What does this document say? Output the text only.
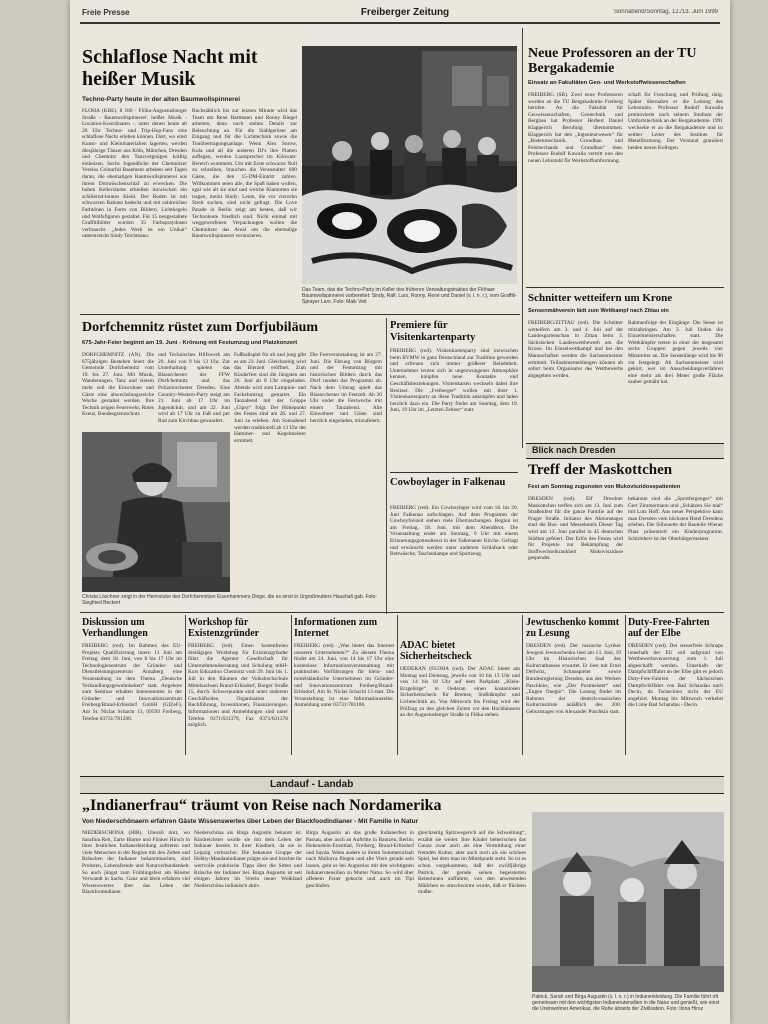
Freie Presse	Freiberger Zeitung	Sonnabend/Sonntag, 12./13. Juni 1999
Schlaflose Nacht mit heißer Musik
Techno-Party heute in der alten Baumwollspinnerei
FLÖHA (KBE). 8 180 - Flöha-Augustusburger Straße - Baumwollspinnerei: heißer Musik - Location-Koordinaten -, unter denen heute ab 20 Uhr Techno- und Trip-Hop-Fans eine schlaflose Nacht erleben können. Dort, wo einst Kunst- und Kleinmaterialien lagerten, werden diesjährige Tänzer aus Köln, München, Dresden und Chemnitz den Tanzvergnügen kräftig einheizen. Sechs Jugendliche der Chemnitzer Vereins Colourful Basement arbeiten seit Tagen daran, die ehemaligen Baumwollspinnerei aus ihrem Dornröschenschlaf zu erwecken. Die hohen Kellerräume erhielten inzwischen ein schillernd-buntes Kleid. Der Boden ist mit schwarzen Bahnen bedeckt und mit zahlreichen Farbtönen in Form von Bildern, Lichtkegeln und Wolfsfiguren gestaltet. Für 15 neugestaltete Graffitibilder wurden 35 Farbspraydosen verbraucht. „Jedes Werk ist ein Unikat“ unterstreicht Sindy Teichmann.
Buchstäblich bis zur letzten Minute wird das Team um René Hartmann und Ronny Riegel arbeiten, denn noch stehen Details zur Beleuchtung an. Für die Stahlgerüste am Eingang und für die Lichttechnik sowie die Tonübertragungsanlage. Wenn Alex Sorow, Kola und all die anderen DJ's ihre Platten auflegen, werden Lautsprecher im Kilowatt-Bereich wummern. Um mit Erste schwarze Null zu schreiben, brauchen die Veranstalter 600 Gäste, die den 15-DM-Eintritt zahlen. Willkommen seien alle, die Spaß haben wollen, egal wie alt sie sind und welche Klamotten sie tragen, meint Sindy: Leute, die vor vierzehn Streit suchen, sind nicht gefragt. Die Love Parade in Berlin zeigt am besten, daß wir Technoleute friedlich sind. Nicht einmal mit weggeworfenen Verpackungen wollen die Chemnitzer das Areal um die ehemalige Baumwollspinnerei verunzieren.
Das Team, das die Techno-Party im Keller des früheren Verwaltungstraktes der Flöhaer Baumwollspinnerei vorbereitet: Sindy, Ralf, Lars, Ronny, René und Daniel (v. l. n. r.), vom Graffiti-Sprayer Lars. Foto: Maik Veit
Neue Professoren an der TU Bergakademie
Einsatz an Fakultäten Geo- und Werkstoffwissenschaften
FREIBERG (SR). Zwei neue Professoren wurden an die TU Bergakademie Freiberg berufen. An die Fakultät für Geowissenschaften, Geotechnik und Bergbau hat Professor Herbert Daniel Klapperich Berufung übernommen. Klapperich hat den „Ingenieurwesen“ für „Bodenmechanik, Grundbau und Felsmechanik und Grundbau“ inne. Professor Rudolf Kawalla vertritt nun den neuen Lehrstuhl für Werkstoffumformung.
schaft für Forschung und Prüfung tätig. Später übernahm er die Leitung des Lehrstuhls. Professor Rudolf Kawalla promovierte nach seinem Studium der Umformtechnik an der Bergakademie. 1991 wechselte er an die Bergakademie und ist seither Leiter des Instituts für Metallformung. Der Vorstand gratuliert beiden neuen Kollegen.
Schnitter wetteifern um Krone
Sensenmähverein lädt zum Wettkampf nach Zittau ein
FREIBERG/ZITTAU (red). Die Schnitter wetteifern am 3. und 4. Juli auf der Landesgartenschau in Zittau beim 3. Sächsischen Landeswettbewerb um die Krone. Im Einzelwettkampf und bei den Mannschaften werden die Sachsenmeister ermittelt. Teilnahmemeldungen können ab sofort beim Organisator des Wettbewerbs abgegeben werden.
Rahmenfolge der Eingänge: Die Sense ist mitzubringen. Am 3. Juli finden die Einzelmeisterschaften statt. Die Wettkämpfer treten in einer der insgesamt sechs Gruppen gegen jeweils vier Mitstreiter an. Die Sensenlänge wird bis 90 cm festgelegt. Ab Sachsenmeister wird gekürt, wer im Ausscheidungsverfahren eine mehr als drei Meter große Fläche sauber gemäht hat.
Dorfchemnitz rüstet zum Dorfjubiläum
675-Jahr-Feier beginnt am 19. Juni - Krönung mit Festumzug und Platzkonzert
DORFCHEMNITZ (AN). Die 675jährigen Bestehen feiert die Gemeinde Dorfchemnitz vom 19. bis 27. Juni. Mit Musik, Wanderungen, Tanz und vielem mehr soll die Einwohner und Gäste eine abwechslungsreiche Woche gestaltet werden. Ihre Technik zeigen Feuerwehr, Rotes Kreuz, Bundesgrenzschutz
und Technisches Hilfswerk am 20. Juni von 9 bis 13 Uhr. Zur Unterhaltung spielen das Blasorchester der FFW Dorfchemnitz und das Polizeiorchester Dresden. Eine Country-Western-Party steigt am 21. Juni ab 17 Uhr im Jugendclub, und am 22. Juni wird ab 17 Uhr zu Fuß und per Rad zum Kirchbau gewandert.
Fußballspiel für alt und jung gibt es am 23. Juni. Gleichzeitig wird das Bierzelt eröffnet. Zum Kinderfest sind die Jüngsten am 26. Juni ab 8 Uhr eingeladen. Abends wird zum Lampion- und Fackelumzug gestartet. Ein Tanzabend mit der Gruppe „Gipsy“ folgt. Der Höhepunkt des Festes sind am 26. und 27. Juni zu erleben. Am Sonnabend werden traditionell ab 13 Uhr der Hammer- und Kegelmeister ermittelt.
Die Festveranstaltung ist am 27. Juni. Die Ehrung von Bürgern und der Festumzug mit historischen Bildern durch das Dorf runden das Programm ab. Nach dem Umzug spielt das Blasorchester im Festzelt. Ab 20 Uhr endet die Festwoche mit einem Tanzabend. Alle Einwohner und Gäste sind herzlich eingeladen, mitzufeiern.
Christa Löschner zeigt in der Heimstube des Dorfchemnitzer Eisenhammers Dinge, die es einst in Urgroßmutters Haushalt gab. Foto: Siegfried Beckert
Premiere für Visitenkartenparty
FREIBERG (red). Visitenkartenparty sind inzwischen beim BVMW in ganz Deutschland zur Tradition geworden und erfreuen sich immer größerer Beliebtheit. Unternehmer lernen sich in ungezwungener Atmosphäre kennen, knüpfen neue Kontakte und Geschäftsbeziehungen. Visitenkarten wechseln dabei ihre Besitzer. Die „Freiberger“ wollen mit ihrer 1. Visitenkartenparty an diese Tradition anknüpfen und laden herzlich dazu ein. Die Party findet am Sonntag, dem 19. Juni, 19 Uhr im „Letzten Zehner“ statt.
Cowboylager in Falkenau
FREIBERG (red). Ein Cowboylager wird vom 18. bis 20. Juni Falkenau aufschlagen. Auf dem Programm der Cowboyfreizeit stehen viele Überraschungen. Beginn ist am Freitag, 18. Juni, mit dem Abendbrot. Die Veranstaltung endet am Sonntag, 9 Uhr mit einem Erinnerungsgottesdienst in der Falkenauer Kirche. Gefragt und erwünscht werden unter anderem Schlafsack oder Bettwäsche, Taschenlampe und Sportzeug.
Blick nach Dresden
Treff der Maskottchen
Fest am Sonntag zugunsten von Mukoviszidosepatienten
DRESDEN (red). Elf Dresdner Maskottchen treffen sich am 13. Juni zum Straßenfest für die ganze Familie auf der Prager Straße. Initiator des Aktionstages sind die Bus- und Messehotels Dieser Tag wird am 13. Juni parallel in 45 deutschen Städten gefeiert. Der Erlös des Festes wird für Projekte zur Bekämpfung der Stoffwechselkrankheit Mukoviszidose gespendet.
bekannte sind die „Sportfergenger“ mit Gert Zimmermann und „Schätzen Sie mal“ mit Lutz Hoff. Aus neuer Perspektive kann man Dresden vom höchsten Hotel Dresdens erleben. Die Silhouette der Bauteile Wiener Platz präsentiert ein Kinderprogramm. Schirmherr ist der Oberbürgermeister.
Diskussion um Verhandlungen
FREIBERG (red). Im Rahmen des EU-Projekts Qualifizierung intern 11 Juni am Freitag, dem 18. Juni, von 8 bis 17 Uhr im Technologiezentrum der Gründer- und Dienstleistungszentrum Annaberg eine Veranstaltung zu dem Thema „Deutsche Verhandlungsgewohnheiten“ statt. Angebote zum Seminar erhalten Interessenten in der Gründer- und Innovationszentrum Freiberg/Brand-Erbisdorf GmbH (GIZeF), Am St. Niclas Schacht 13, 09599 Freiberg, Telefon 03731/781200.
Workshop für Existenzgründer
FREIBERG (red). Einen kostenfreien dreitägigen Workshop für Existenzgründer führt die Agentur Gesellschaft für Unternehmensberatung und Schulung mbH-Kurs Education Chemnitz vom 29. Juni bis 1. Juli in den Räumen der Volkshochschule Mittelsachsen Brand-Erbisdorf, Burger Straße 15, durch. Schwerpunkte sind unter anderem Geschäftsidee, Organisation der Buchführung, Investitionen, Finanzierungen. Informationen und Anmeldungen sind unter Telefon 0371/631379, Fax 0371/631378 möglich.
Informationen zum Internet
FREIBERG (red). „Was bietet das Internet unserem Unternehmen?“ Zu diesem Thema findet am 24. Juni, von 14 bis 17 Uhr eine kostenlose Informationsveranstaltung mit praktischen Vorführungen für klein- und mittelständische Unternehmen im Gründer- und Innovationszentrum Freiberg/Brand-Erbisdorf, Am St. Niclas Schacht 13 statt. Die Veranstaltung ist eine Informationsreihe. Anmeldung unter 03731/781106.
ADAC bietet Sicherheitscheck
OEDERAN (FLÖHA (red). Der ADAC bietet am Montag und Dienstag, jeweils von 10 bis 13 Uhr und von 14 bis 18 Uhr auf dem Parkplatz „Klein-Erzgebirge“ in Oederan einen kostenlosen Sicherheitscheck für Bremse, Stoßdämpfer und Lichttechnik an. Von Mittwoch bis Freitag wird der Prüfzug zu den gleichen Zeiten vor den Hochhäusern an der Augustusburger Straße in Flöha stehen.
Jewtuschenko kommt zu Lesung
DRESDEN (red). Der russische Lyriker Jewgeni Jewtuschenko liest am 13. Juni, 19 Uhr im Historischen Saal des Kulturrathauses erwartet. Er liest mit Ernst Dellwitz, Schauspieler sowie Bundesregierung Dresden, aus den Werken Paschkins, wie „Der Postmeister“ und „Eugen Onegin“. Die Lesung findet im Rahmen der deutsch-russischen Kulturinstitute anläßlich des 200. Geburtstages von Alexander Puschkin statt.
Duty-Free-Fahrten auf der Elbe
DRESDEN (red). Der steuerfreie Schnaps innerhalb der EU soll aufgrund von Wettbewerbsverzerrung zum 1. Juli abgeschafft werden. Unterhalb der Dampfschifffahrt an der Elbe gibt es jedoch Duty-Free-Fahrten der Sächsischen Dampfschiffahrt von Bad Schandau nach Decin, da Tschechien nicht der EU angehört. Montag bis Mittwoch verkehrt die Linie Bad Schandau - Decin.
Landauf - Landab
„Indianerfrau“ träumt von Reise nach Nordamerika
Von Niederschönaern erfahren Gäste Wissenswertes über Leben der Blackfoodindianer - Mit Familie in Natur
NIEDERSCHÖNA (HIR). Überall dort, wo Sarafina Reh, Zarte Blume und Flinker Hirsch in ihrer festlichen Indianerkleidung auftreten und viele Menschen in der Region mit den Zelten und Bräuchen der Indianer bekanntmachen, sind Probsten, Lebensfreude und Naturverbundenheit. So auch jüngst zum Frühlingsfest am Kloster Verwandt in Sachs. Ganz und klein erfahren viel Wissenswertes über das Leben der Blackfootindianer.
Niederschöna als Birga Augustin bekannt ist. Kindreichster wurde sie mit dem Leben der Indianer bereits in ihrer Kindheit, da sie in Leipzig verbrachte. Die bekannte Gruppe der Hobby-Mandanindianer prägte sie und brachte ihr wertvolle praktische Tipps über die Sitten und Bräuche der Indianer bei. Birga Augustin ist seit einigen Jahren im Verein neuer Wolkland Niederschöna indianisch aktiv.
Birga Augustin an das große Indianerfest in Passau, aber auch an Auftritte in Bautzen, Berlin, Hohenstein-Ernstthal, Freiberg, Brand-Erbisdorf und Sayda. Wenn andere in ihrem Sommerurlaub nach Mallorca fliegen und alle Viere gerade sein lassen, geht es bei Augustins mit den wichtigsten Indianerutensilien zu Mutter Natur. So wird über offenem Feuer gekocht und auch im Tipi geschlafen.
gleichzeitig Spitzwegerich auf die Schwellung“, erzählt sie weiter. Ihre Kinder beherrschen das Ganze zwar auch als eine Vermittlung einer fremden Kultur, aber auch noch als ein schönes Spiel, bei dem man im Mittelpunkt steht. So ist es schon vorgekommen, daß der zwölfjährige Patrick, der gerade seinen begeisterten Reiterinnen auffuhrte, von den anwesenden Mädchen so umschwärmt wurde, daß er flüchten mußte.
Patrick, Sarah und Birga Augustin (v. l. n. r.) in Indianerkleidung. Die Familie führt oft gemeinsam mit den wichtigsten Indianerutensilien in die Natur und genießt, wie einst die Ureinwohner Amerikas, die Ruhe abseits der Zivilisation. Foto: Ilona Hiroz
